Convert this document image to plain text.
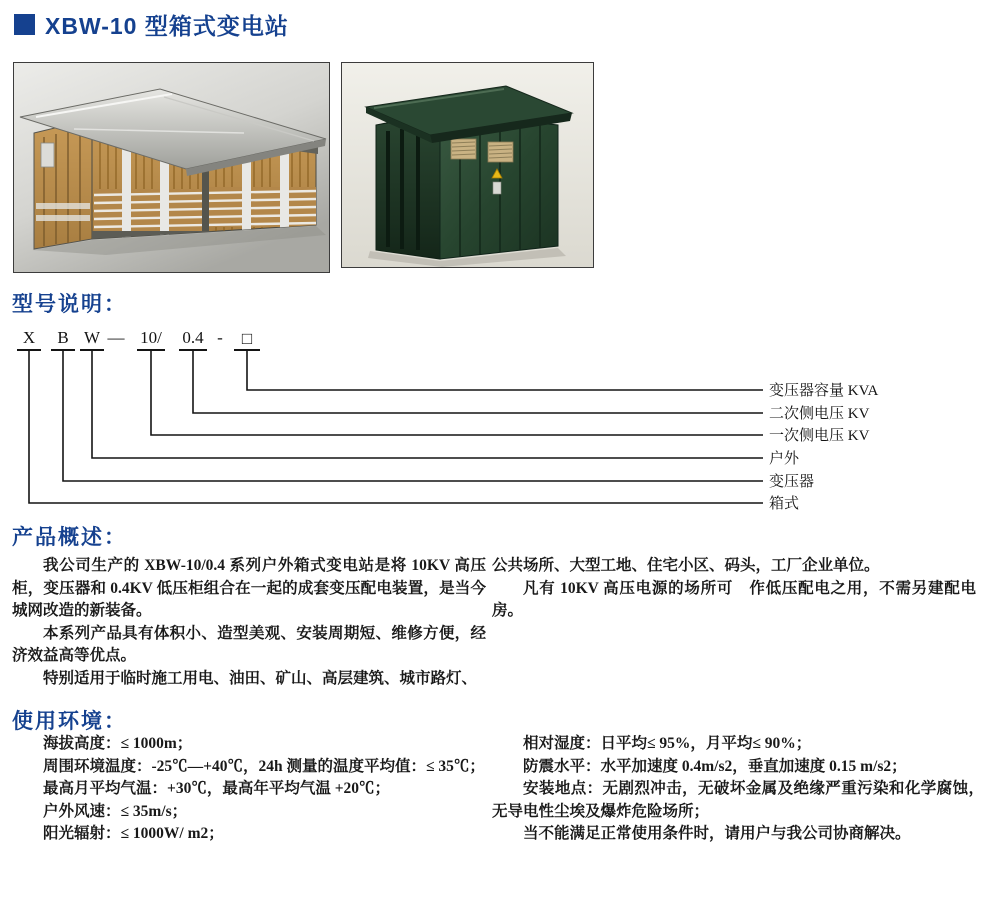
XBW-10 型箱式变电站
型号说明：
X B W — 10/ 0.4 - □
变压器容量 KVA
二次侧电压 KV
一次侧电压 KV
户外
变压器
箱式
产品概述：

我公司生产的 XBW-10/0.4 系列户外箱式变电站是将 10KV 高压柜，变压器和 0.4KV 低压柜组合在一起的成套变压配电装置，是当今城网改造的新装备。

本系列产品具有体积小、造型美观、安装周期短、维修方便，经济效益高等优点。

特别适用于临时施工用电、油田、矿山、高层建筑、城市路灯、

公共场所、大型工地、住宅小区、码头，工厂企业单位。

凡有 10KV 高压电源的场所可　作低压配电之用，不需另建配电房。

使用环境：

海拔高度：≤ 1000m；

周围环境温度：-25℃—+40℃，24h 测量的温度平均值：≤ 35℃；

最高月平均气温：+30℃，最高年平均气温 +20℃；

户外风速：≤ 35m/s；

阳光辐射：≤ 1000W/ m2；

相对湿度：日平均≤ 95%，月平均≤ 90%；

防震水平：水平加速度 0.4m/s2，垂直加速度 0.15 m/s2；

安装地点：无剧烈冲击，无破坏金属及绝缘严重污染和化学腐蚀，无导电性尘埃及爆炸危险场所；

当不能满足正常使用条件时，请用户与我公司协商解决。
